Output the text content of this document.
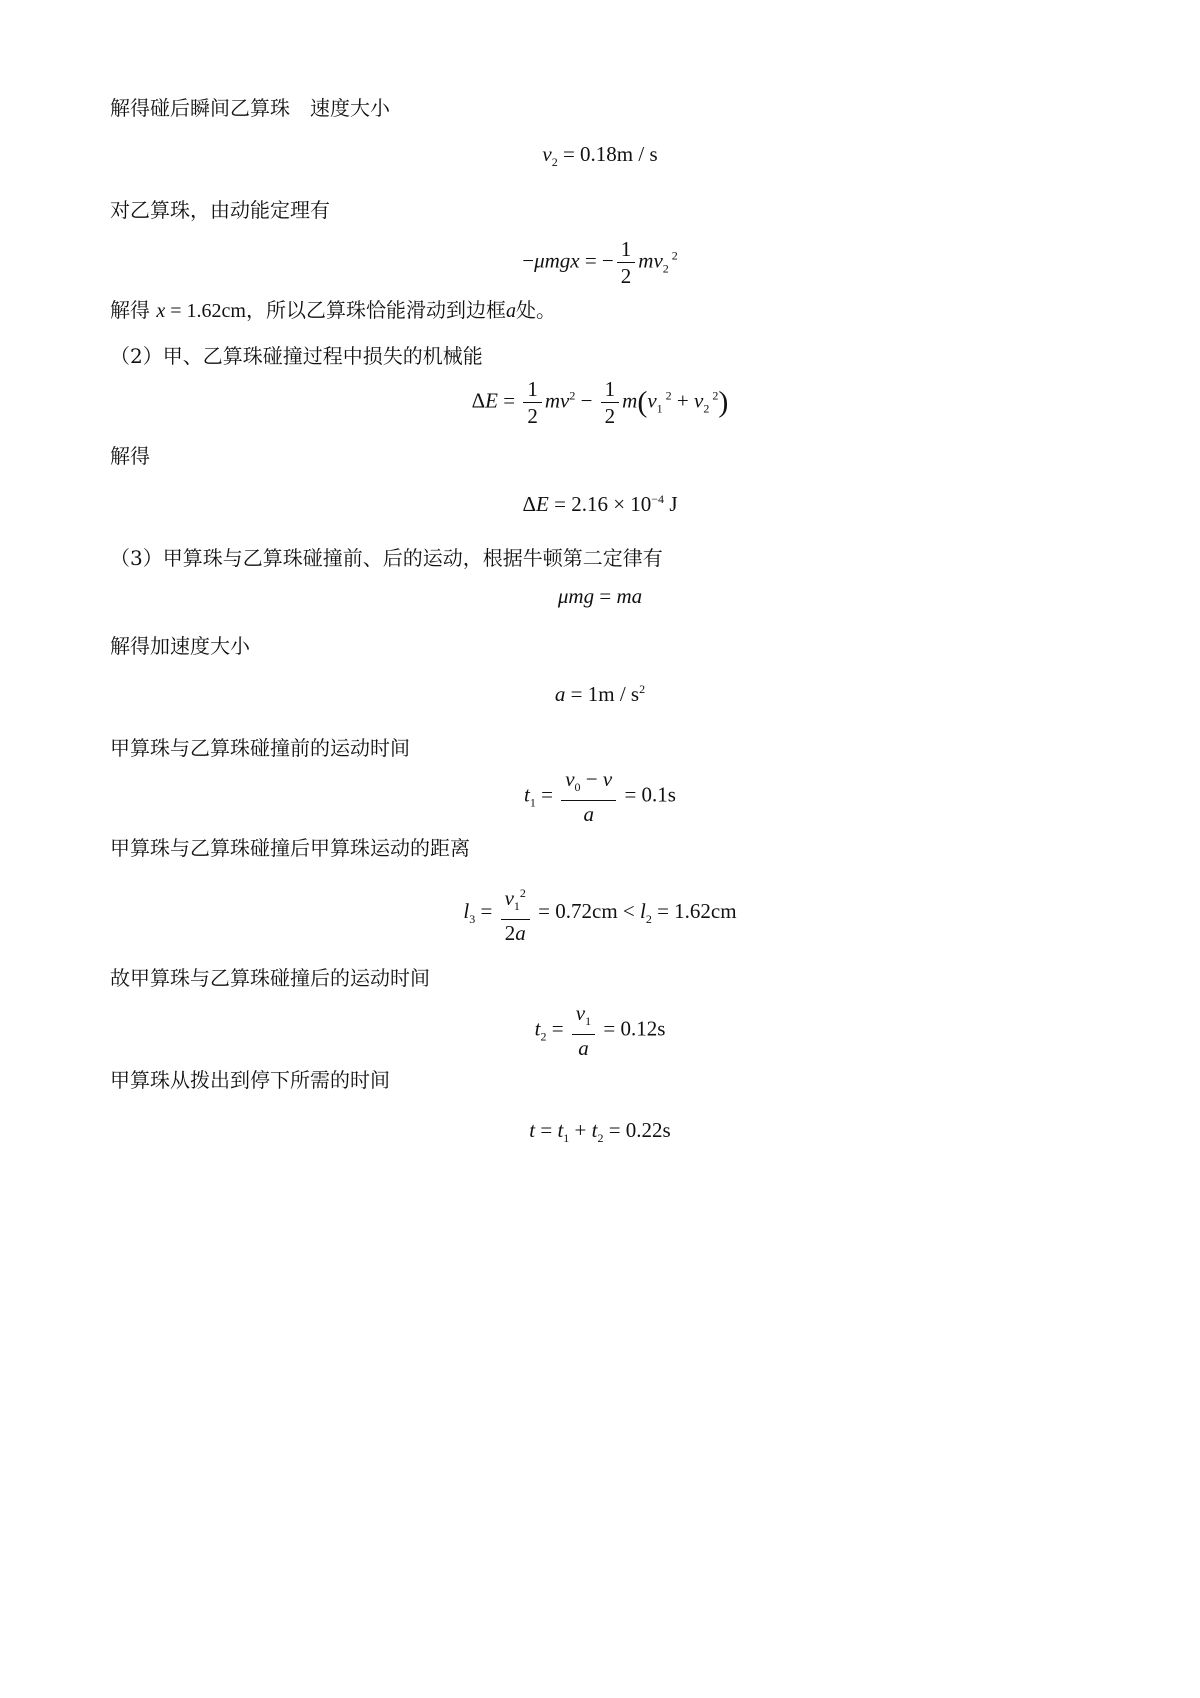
解得碰后瞬间乙算珠　速度大小
$v_2 = 0.18m / s$
对乙算珠，由动能定理有
−μmgx = − $\frac{1}{2} mv_2$ $^2$
解得 x = 1.62cm，所以乙算珠恰能滑动到边框a处。
（2）甲、乙算珠碰撞过程中损失的机械能
$\Delta E = \frac{1}{2} mv^2 - \frac{1}{2} m(v_1$ $^2 + v_2$ $^2$)
解得
$\Delta E = 2.16 \times 10^{-4}$ J
（3）甲算珠与乙算珠碰撞前、后的运动，根据牛顿第二定律有
μmg = ma
解得加速度大小
$a = 1m / s^2$
甲算珠与乙算珠碰撞前的运动时间
$t_1 = \frac{v_0 - v}{a} = 0.1s$
甲算珠与乙算珠碰撞后甲算珠运动的距离
$l_3 = \frac{v_1^2}{2a} = 0.72cm < l_2 = 1.62cm$
故甲算珠与乙算珠碰撞后的运动时间
$t_2 = \frac{v_1}{a} = 0.12s$
甲算珠从拨出到停下所需的时间
$t = t_1 + t_2 = 0.22s$
